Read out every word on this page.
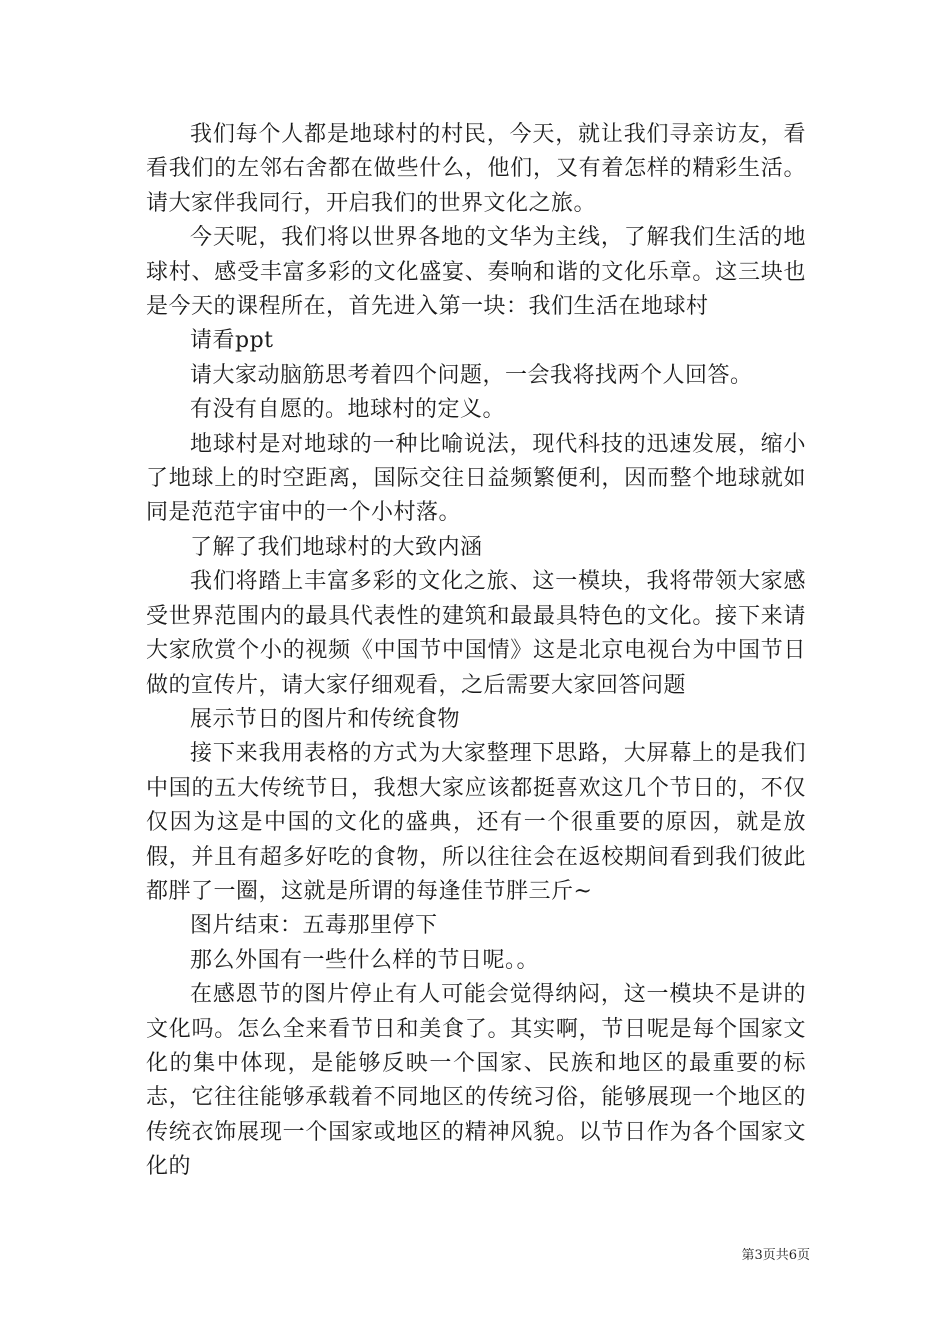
我们每个人都是地球村的村民，今天，就让我们寻亲访友，看看我们的左邻右舍都在做些什么，他们，又有着怎样的精彩生活。请大家伴我同行，开启我们的世界文化之旅。

今天呢，我们将以世界各地的文华为主线，了解我们生活的地球村、感受丰富多彩的文化盛宴、奏响和谐的文化乐章。这三块也是今天的课程所在，首先进入第一块：我们生活在地球村

请看ppt

请大家动脑筋思考着四个问题，一会我将找两个人回答。

有没有自愿的。地球村的定义。

地球村是对地球的一种比喻说法，现代科技的迅速发展，缩小了地球上的时空距离，国际交往日益频繁便利，因而整个地球就如同是范范宇宙中的一个小村落。

了解了我们地球村的大致内涵

我们将踏上丰富多彩的文化之旅、这一模块，我将带领大家感受世界范围内的最具代表性的建筑和最最具特色的文化。接下来请大家欣赏个小的视频《中国节中国情》这是北京电视台为中国节日做的宣传片，请大家仔细观看，之后需要大家回答问题

展示节日的图片和传统食物

接下来我用表格的方式为大家整理下思路，大屏幕上的是我们中国的五大传统节日，我想大家应该都挺喜欢这几个节日的，不仅仅因为这是中国的文化的盛典，还有一个很重要的原因，就是放假，并且有超多好吃的食物，所以往往会在返校期间看到我们彼此都胖了一圈，这就是所谓的每逢佳节胖三斤~

图片结束：五毒那里停下

那么外国有一些什么样的节日呢。。

在感恩节的图片停止有人可能会觉得纳闷，这一模块不是讲的文化吗。怎么全来看节日和美食了。其实啊，节日呢是每个国家文化的集中体现，是能够反映一个国家、民族和地区的最重要的标志，它往往能够承载着不同地区的传统习俗，能够展现一个地区的传统衣饰展现一个国家或地区的精神风貌。以节日作为各个国家文化的

第3页共6页
